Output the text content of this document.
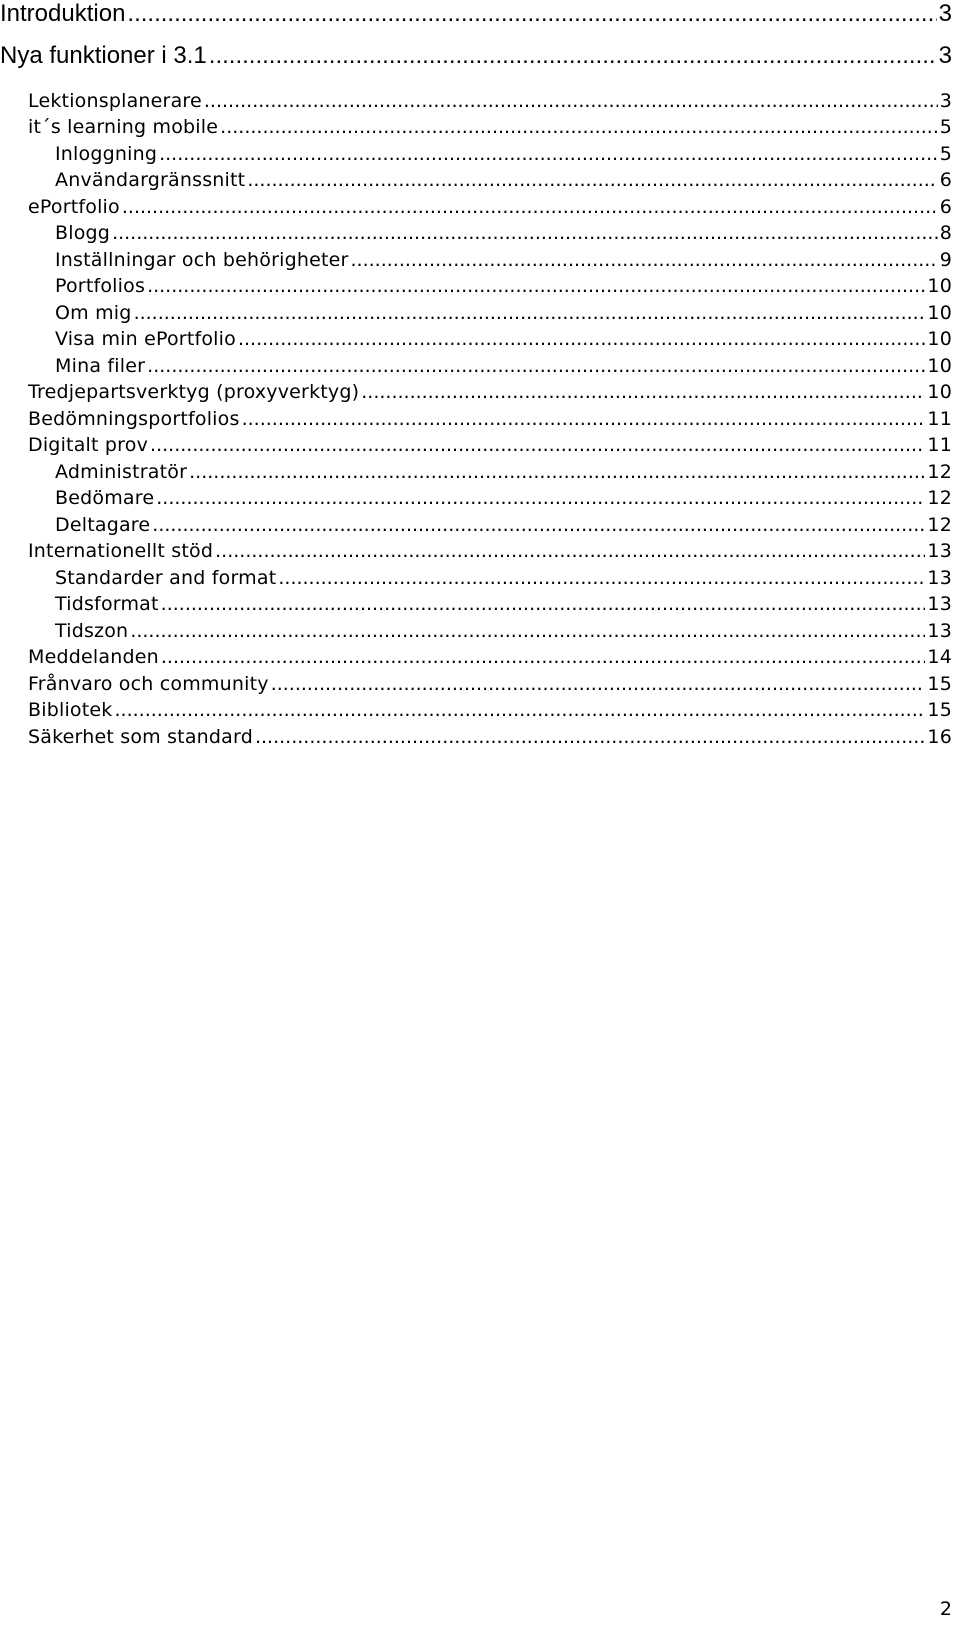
Introduktion .....	3
Nya funktioner i 3.1 .....	3
Lektionsplanerare .....	3
it´s learning mobile .....	5
Inloggning .....	5
Användargränssnitt .....	6
ePortfolio .....	6
Blogg .....	8
Inställningar och behörigheter .....	9
Portfolios .....	10
Om mig .....	10
Visa min ePortfolio .....	10
Mina filer .....	10
Tredjepartsverktyg (proxyverktyg) .....	10
Bedömningsportfolios .....	11
Digitalt prov .....	11
Administratör .....	12
Bedömare .....	12
Deltagare .....	12
Internationellt stöd .....	13
Standarder and format .....	13
Tidsformat .....	13
Tidszon .....	13
Meddelanden .....	14
Frånvaro och community .....	15
Bibliotek .....	15
Säkerhet som standard .....	16
2
